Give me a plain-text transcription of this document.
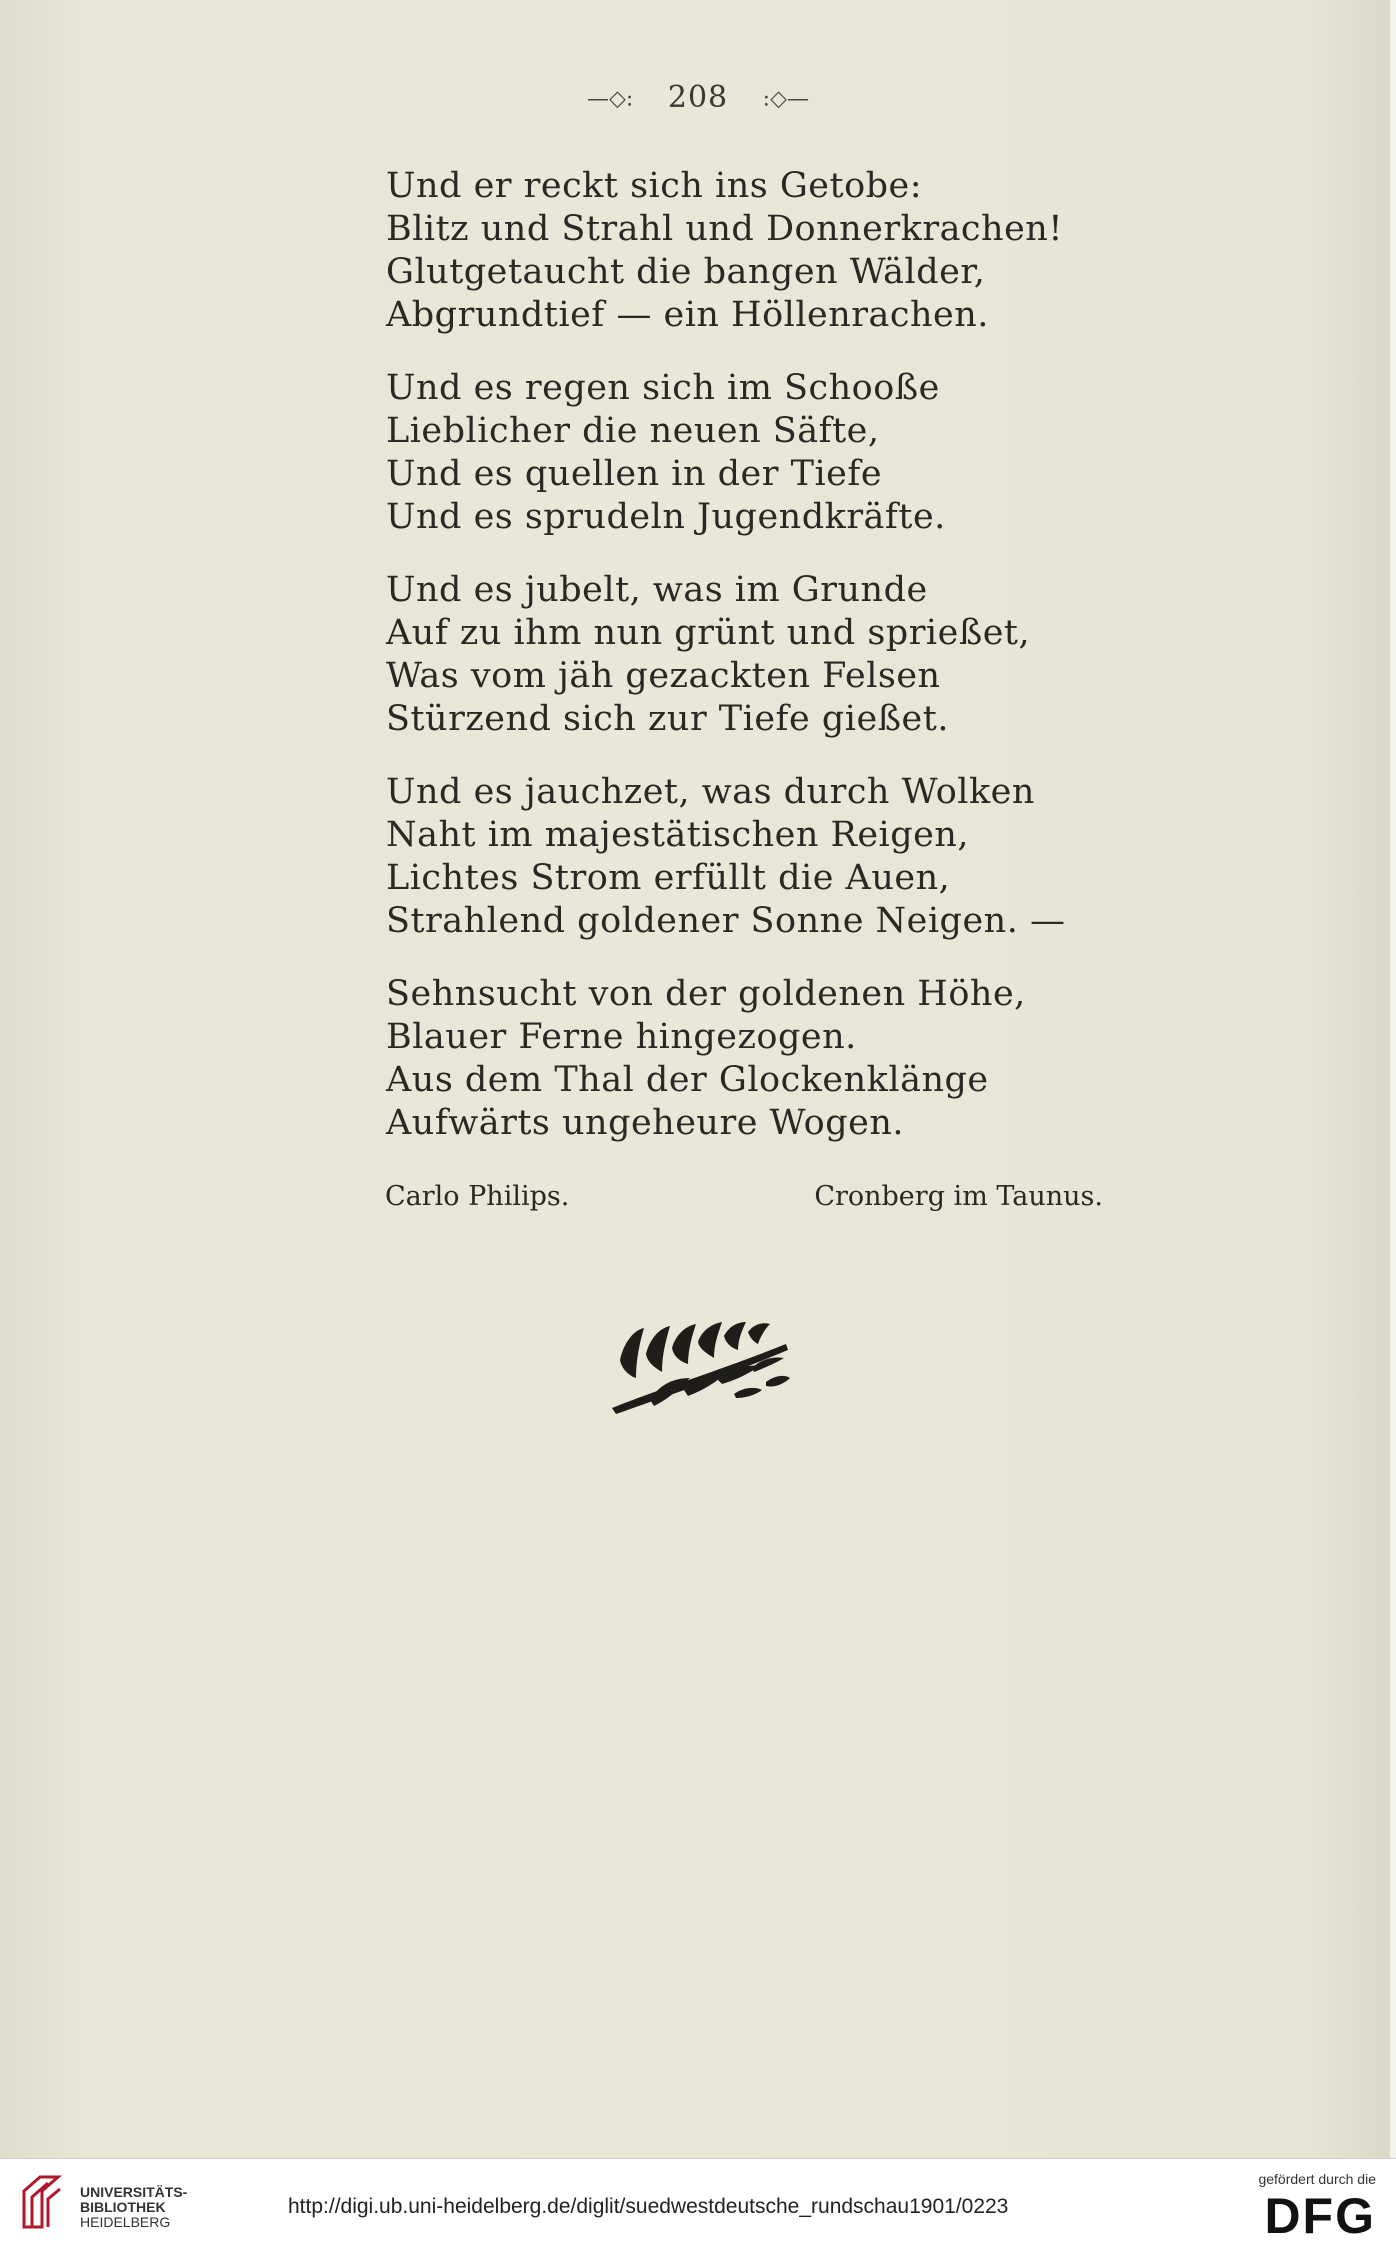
—◇: 208 :◇—
Und er reckt sich ins Getobe:
Blitz und Strahl und Donnerkrachen!
Glutgetaucht die bangen Wälder,
Abgrundtief — ein Höllenrachen.
Und es regen sich im Schooße
Lieblicher die neuen Säfte,
Und es quellen in der Tiefe
Und es sprudeln Jugendkräfte.
Und es jubelt, was im Grunde
Auf zu ihm nun grünt und sprießet,
Was vom jäh gezackten Felsen
Stürzend sich zur Tiefe gießet.
Und es jauchzet, was durch Wolken
Naht im majestätischen Reigen,
Lichtes Strom erfüllt die Auen,
Strahlend goldener Sonne Neigen. —
Sehnsucht von der goldenen Höhe,
Blauer Ferne hingezogen.
Aus dem Thal der Glockenklänge
Aufwärts ungeheure Wogen.
Carlo Philips.	Cronberg im Taunus.
UNIVERSITÄTS-
BIBLIOTHEK
HEIDELBERG
http://digi.ub.uni-heidelberg.de/diglit/suedwestdeutsche_rundschau1901/0223
gefördert durch die
DFG
